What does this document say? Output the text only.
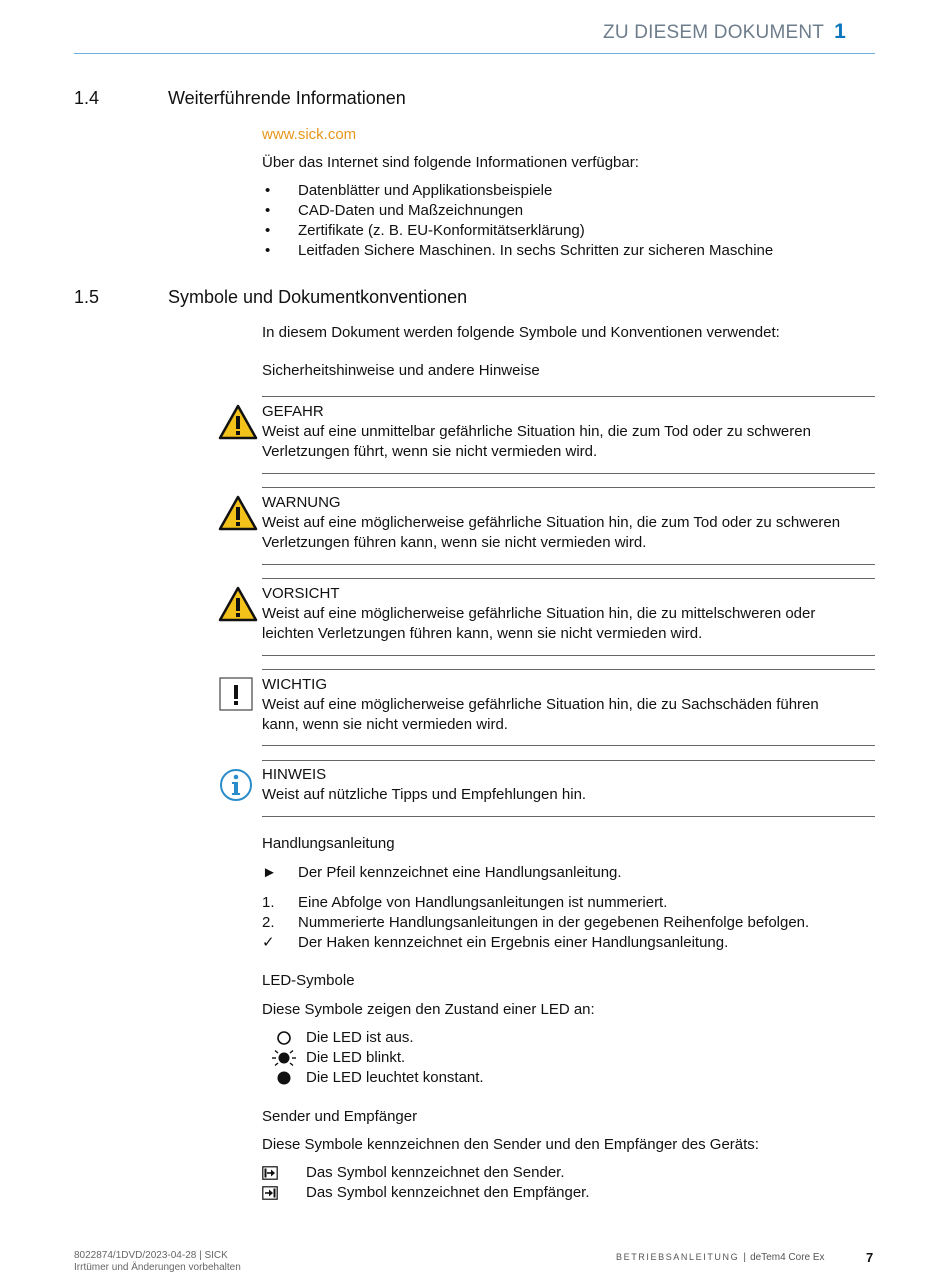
ZU DIESEM DOKUMENT 1
1.4	Weiterführende Informationen
www.sick.com
Über das Internet sind folgende Informationen verfügbar:
• Datenblätter und Applikationsbeispiele
• CAD-Daten und Maßzeichnungen
• Zertifikate (z. B. EU-Konformitätserklärung)
• Leitfaden Sichere Maschinen. In sechs Schritten zur sicheren Maschine
1.5	Symbole und Dokumentkonventionen
In diesem Dokument werden folgende Symbole und Konventionen verwendet:
Sicherheitshinweise und andere Hinweise
GEFAHR
Weist auf eine unmittelbar gefährliche Situation hin, die zum Tod oder zu schweren
Verletzungen führt, wenn sie nicht vermieden wird.
WARNUNG
Weist auf eine möglicherweise gefährliche Situation hin, die zum Tod oder zu schweren
Verletzungen führen kann, wenn sie nicht vermieden wird.
VORSICHT
Weist auf eine möglicherweise gefährliche Situation hin, die zu mittelschweren oder
leichten Verletzungen führen kann, wenn sie nicht vermieden wird.
WICHTIG
Weist auf eine möglicherweise gefährliche Situation hin, die zu Sachschäden führen
kann, wenn sie nicht vermieden wird.
HINWEIS
Weist auf nützliche Tipps und Empfehlungen hin.
Handlungsanleitung
►	Der Pfeil kennzeichnet eine Handlungsanleitung.
1.	Eine Abfolge von Handlungsanleitungen ist nummeriert.
2.	Nummerierte Handlungsanleitungen in der gegebenen Reihenfolge befolgen.
✓	Der Haken kennzeichnet ein Ergebnis einer Handlungsanleitung.
LED-Symbole
Diese Symbole zeigen den Zustand einer LED an:
Die LED ist aus.
Die LED blinkt.
Die LED leuchtet konstant.
Sender und Empfänger
Diese Symbole kennzeichnen den Sender und den Empfänger des Geräts:
Das Symbol kennzeichnet den Sender.
Das Symbol kennzeichnet den Empfänger.
8022874/1DVD/2023-04-28 | SICK
Irrtümer und Änderungen vorbehalten
BETRIEBSANLEITUNG | deTem4 Core Ex	7
